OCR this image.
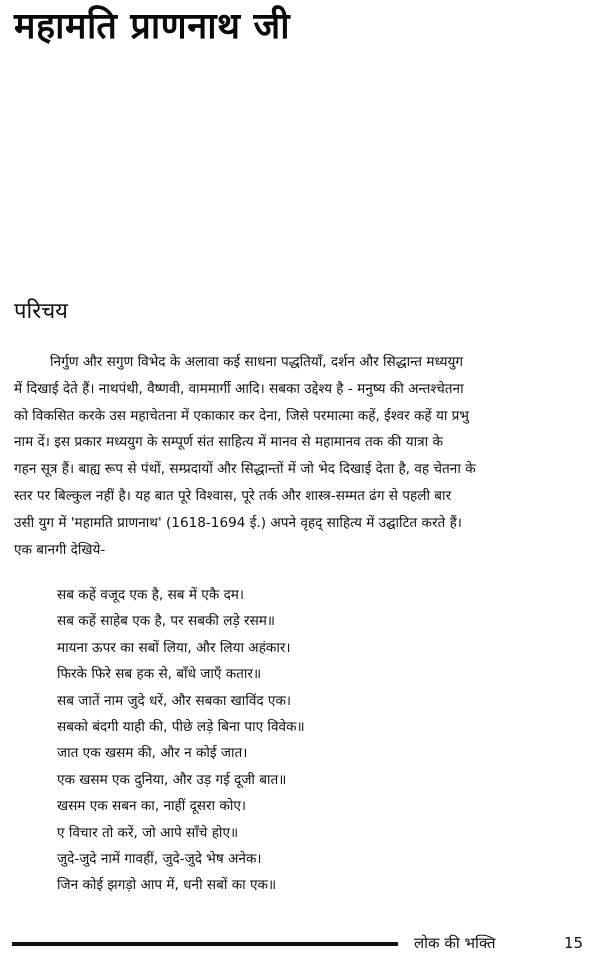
महामति प्राणनाथ जी
परिचय

निर्गुण और सगुण विभेद के अलावा कई साधना पद्धतियाँ, दर्शन और सिद्धान्त मध्ययुग
में दिखाई देते हैं। नाथपंथी, वैष्णवी, वाममार्गी आदि। सबका उद्देश्य है - मनुष्य की अन्तश्चेतना
को विकसित करके उस महाचेतना में एकाकार कर देना, जिसे परमात्मा कहें, ईश्वर कहें या प्रभु
नाम दें। इस प्रकार मध्ययुग के सम्पूर्ण संत साहित्य में मानव से महामानव तक की यात्रा के
गहन सूत्र हैं। बाह्य रूप से पंथों, सम्प्रदायों और सिद्धान्तों में जो भेद दिखाई देता है, वह चेतना के
स्तर पर बिल्कुल नहीं है। यह बात पूरे विश्वास, पूरे तर्क और शास्त्र-सम्मत ढंग से पहली बार
उसी युग में 'महामति प्राणनाथ' (1618-1694 ई.) अपने वृहद् साहित्य में उद्घाटित करते हैं।
एक बानगी देखिये-

सब कहें वजूद एक है, सब में एकै दम।
सब कहें साहेब एक है, पर सबकी लड़े रसम॥
मायना ऊपर का सबों लिया, और लिया अहंकार।
फिरके फिरे सब हक से, बाँधे जाएँ कतार॥
सब जातें नाम जुदे धरें, और सबका खाविंद एक।
सबको बंदगी याही की, पीछे लड़े बिना पाए विवेक॥
जात एक खसम की, और न कोई जात।
एक खसम एक दुनिया, और उड़ गई दूजी बात॥
खसम एक सबन का, नाहीं दूसरा कोए।
ए विचार तो करें, जो आपे साँचे होए॥
जुदे-जुदे नामें गावहीं, जुदे-जुदे भेष अनेक।
जिन कोई झगड़ो आप में, धनी सबों का एक॥
लोक की भक्ति	15
